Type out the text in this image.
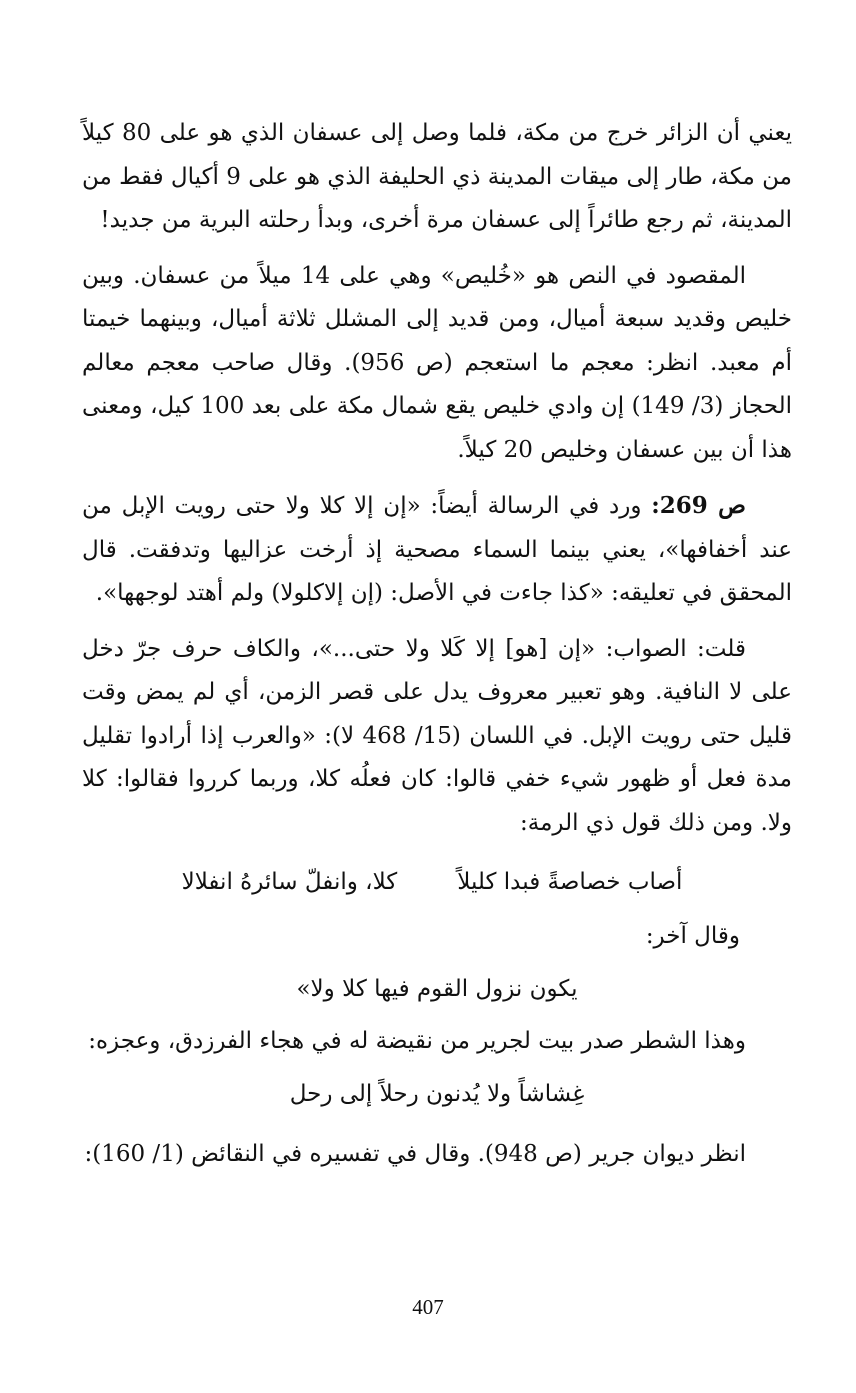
يعني أن الزائر خرج من مكة، فلما وصل إلى عسفان الذي هو على 80 كيلاً من مكة، طار إلى ميقات المدينة ذي الحليفة الذي هو على 9 أكيال فقط من المدينة، ثم رجع طائراً إلى عسفان مرة أخرى، وبدأ رحلته البرية من جديد!

المقصود في النص هو «خُليص» وهي على 14 ميلاً من عسفان. وبين خليص وقديد سبعة أميال، ومن قديد إلى المشلل ثلاثة أميال، وبينهما خيمتا أم معبد. انظر: معجم ما استعجم (ص 956). وقال صاحب معجم معالم الحجاز (3/ 149) إن وادي خليص يقع شمال مكة على بعد 100 كيل، ومعنى هذا أن بين عسفان وخليص 20 كيلاً.

ص 269: ورد في الرسالة أيضاً: «إن إلا كلا ولا حتى رويت الإبل من عند أخفافها»، يعني بينما السماء مصحية إذ أرخت عزاليها وتدفقت. قال المحقق في تعليقه: «كذا جاءت في الأصل: (إن إلاكلولا) ولم أهتد لوجهها».

قلت: الصواب: «إن [هو] إلا كَلا ولا حتى...»، والكاف حرف جرّ دخل على لا النافية. وهو تعبير معروف يدل على قصر الزمن، أي لم يمض وقت قليل حتى رويت الإبل. في اللسان (15/ 468 لا): «والعرب إذا أرادوا تقليل مدة فعل أو ظهور شيء خفي قالوا: كان فعلُه كلا، وربما كرروا فقالوا: كلا ولا. ومن ذلك قول ذي الرمة:

أصاب خصاصةً فبدا كليلاً
كلا، وانفلّ سائرهُ انفلالا
وقال آخر:
يكون نزول القوم فيها كلا ولا»

وهذا الشطر صدر بيت لجرير من نقيضة له في هجاء الفرزدق، وعجزه:

غِشاشاً ولا يُدنون رحلاً إلى رحل

انظر ديوان جرير (ص 948). وقال في تفسيره في النقائض (1/ 160):

407
